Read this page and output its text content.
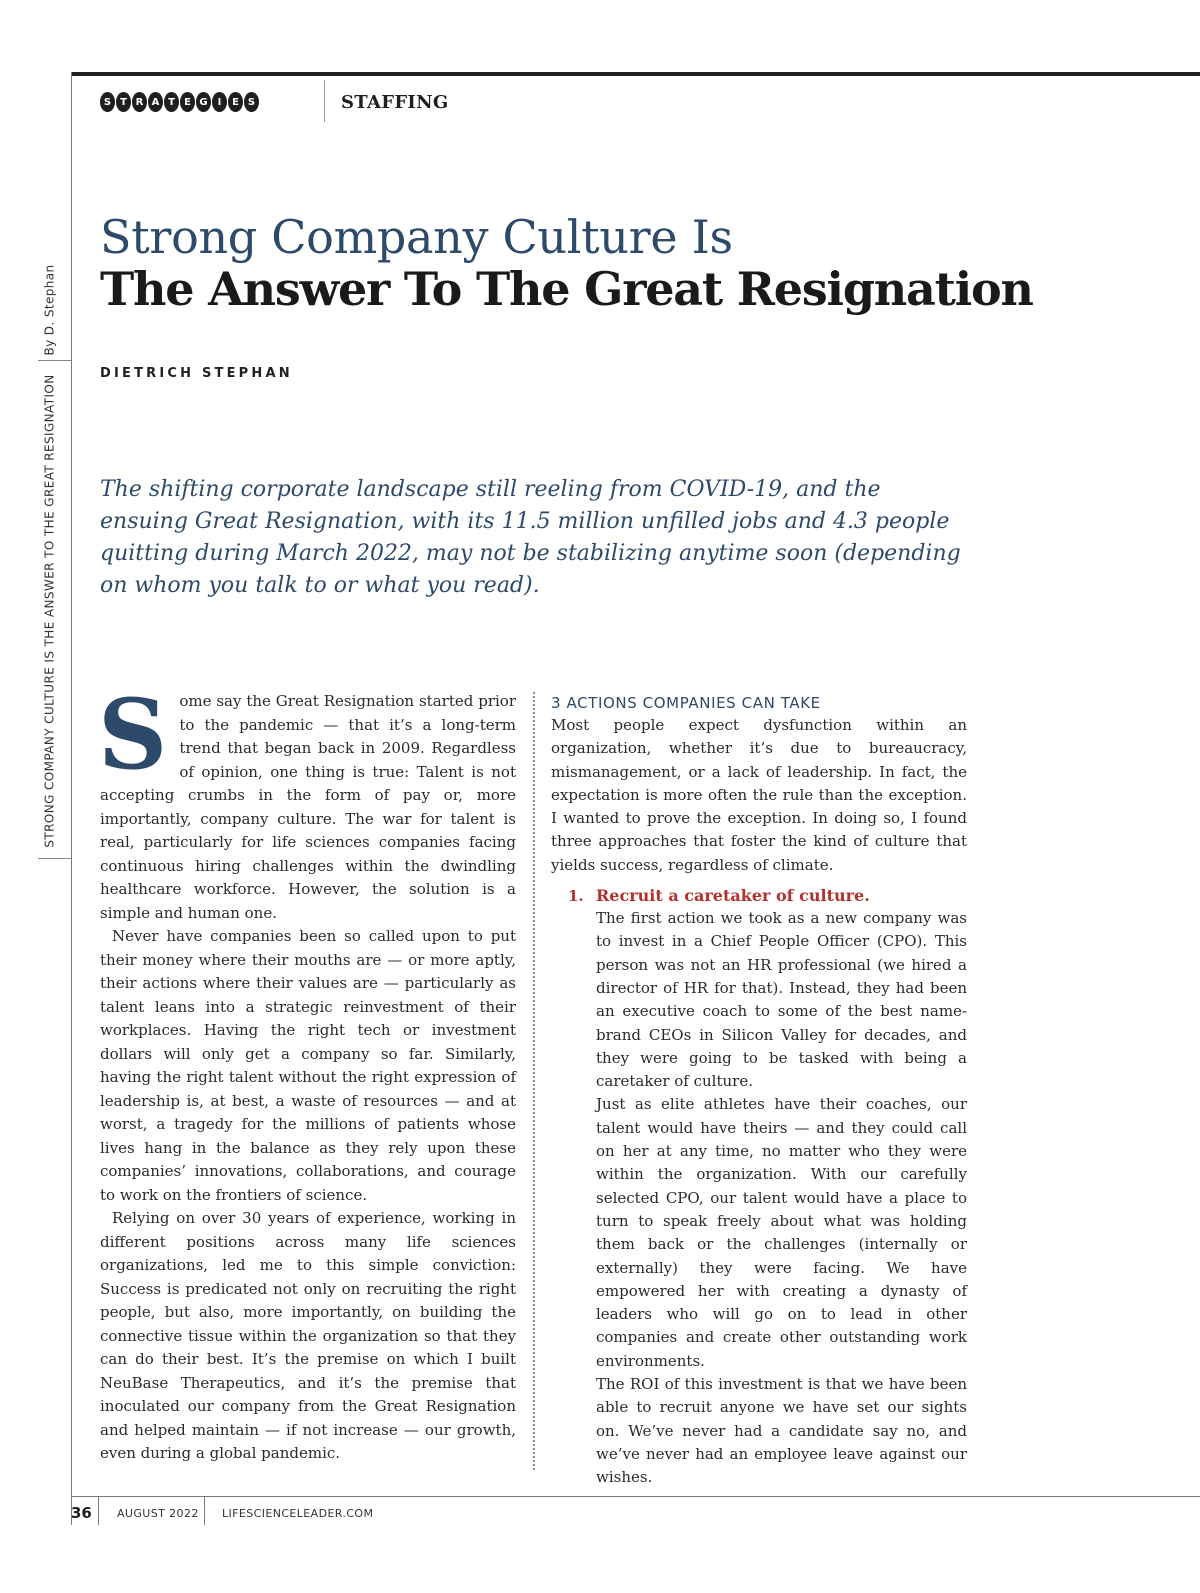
S T R A T E G	I	E S	STAFFING
By D. Stephan
STRONG COMPANY CULTURE IS THE ANSWER TO THE GREAT RESIGNATION
Strong Company Culture Is
The Answer To The Great Resignation
DIETRICH STEPHAN
The shifting corporate landscape still reeling from COVID-19, and the ensuing Great Resignation, with its 11.5 million unfilled jobs and 4.3 people quitting during March 2022, may not be stabilizing anytime soon (depending on whom you talk to or what you read).

Some say the Great Resignation started prior to the pandemic — that it’s a long-term trend that began back in 2009. Regardless of opinion, one thing is true: Talent is not accepting crumbs in the form of pay or, more importantly, company culture. The war for talent is real, particularly for life sciences companies facing continuous hiring challenges within the dwindling healthcare workforce. However, the solution is a simple and human one.

Never have companies been so called upon to put their money where their mouths are — or more aptly, their actions where their values are — particularly as talent leans into a strategic reinvestment of their workplaces. Having the right tech or investment dollars will only get a company so far. Similarly, having the right talent without the right expression of leadership is, at best, a waste of resources — and at worst, a tragedy for the millions of patients whose lives hang in the balance as they rely upon these companies’ innovations, collaborations, and courage to work on the frontiers of science.

Relying on over 30 years of experience, working in different positions across many life sciences organizations, led me to this simple conviction: Success is predicated not only on recruiting the right people, but also, more importantly, on building the connective tissue within the organization so that they can do their best. It’s the premise on which I built NeuBase Therapeutics, and it’s the premise that inoculated our company from the Great Resignation and helped maintain — if not increase — our growth, even during a global pandemic.

3 ACTIONS COMPANIES CAN TAKE

Most people expect dysfunction within an organization, whether it’s due to bureaucracy, mismanagement, or a lack of leadership. In fact, the expectation is more often the rule than the exception. I wanted to prove the exception. In doing so, I found three approaches that foster the kind of culture that yields success, regardless of climate.

1. Recruit a caretaker of culture.

The first action we took as a new company was to invest in a Chief People Officer (CPO). This person was not an HR professional (we hired a director of HR for that). Instead, they had been an executive coach to some of the best name-brand CEOs in Silicon Valley for decades, and they were going to be tasked with being a caretaker of culture.

Just as elite athletes have their coaches, our talent would have theirs — and they could call on her at any time, no matter who they were within the organization. With our carefully selected CPO, our talent would have a place to turn to speak freely about what was holding them back or the challenges (internally or externally) they were facing. We have empowered her with creating a dynasty of leaders who will go on to lead in other companies and create other outstanding work environments.

The ROI of this investment is that we have been able to recruit anyone we have set our sights on. We’ve never had a candidate say no, and we’ve never had an employee leave against our wishes.

36 AUGUST 2022 LIFESCIENCELEADER.COM
